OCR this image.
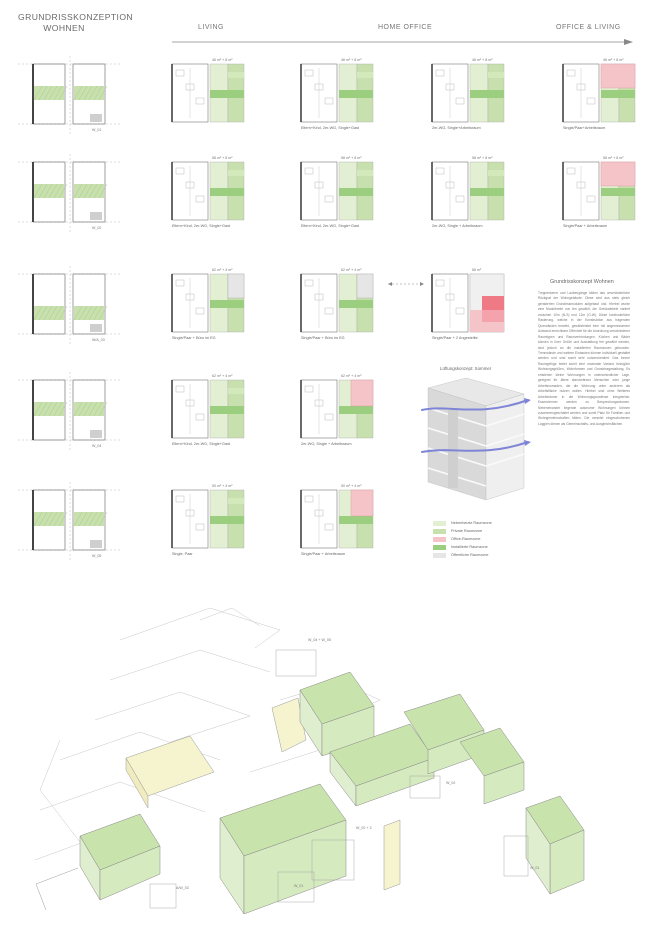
GRUNDRISSKONZEPTION
WOHNEN	LIVING	HOME OFFICE	OFFICE & LIVING
W_01
46 m² + 8 m²	46 m² + 8 m²
Eltern+Kind, 2er-WG, Single+Gast
46 m² + 8 m²
2er-WG, Single+Arbeitsraum
46 m² + 8 m²
Single/Paar+Arbeitsraum
W_02
58 m² + 8 m²
Eltern+Kind, 2er-WG, Single+Gast
58 m² + 8 m²
Eltern+Kind, 2er-WG, Single+Gast
58 m² + 8 m²
2er-WG, Single + Arbeitsraum
58 m² + 8 m²
Single/Paar + Arbeitsraum
W/A_03
62 m² + 4 m²
Single/Paar + Büro im EG
62 m² + 4 m²
Single/Paar + Büro im EG
66 m²
Single/Paar + 2 Angestellte
W_04
62 m² + 4 m²
Eltern+Kind, 2er-WG, Single+Gast
62 m² + 4 m²
2er-WG, Single + Arbeitsraum
W_05
50 m² + 4 m²
Single, Paar
50 m² + 4 m²
Single/Paar + Arbeitsraum
Grundrisskonzept Wohnen
Treppenkerne und Laubengänge bilden das unveränderliche Rückgrat der Wohngebäude. Diese sind aus stets gleich gerasterten Grundrissmodulen aufgebaut und. Hierbei wurde eine Modulbreite von 6m gewählt, die Gebäudetiefe variiert zwischen 10m (N-S) und 12m (O-W). Diese kontinuierliche Rasterung, welche in der Konstruktion aus tragenden Querwänden besteht, gewährleistet eine mit angemessenem Aufwand erreichbare Offenheit für die Anordnung verschiedener Raumtypen und Raumverbindungen. Küchen und Bäder können in ihrer Größe und Ausstattung frei gewählt werden, sind jedoch an die installierten Raumzonen gebunden. Trennwände und weitere Einbauten können individuell gestaltet werden und sind somit sehr nutzerorientiert. Das innere Raumgefüge bietet somit eine maximale Varianz bezüglich Wohnungsgrößen, Wohnformen und Grundrissgestaltung. Es entstehen kleine Wohnungen in unterschiedlicher Lage, geeignet für ältere standorttreue Menschen oder junge Arbeitsnomaden, die die Wohnung unter anderem als Arbeitsfläche nutzen wollen. Hierbei sind ohne Weiteres Arbeitsräume in die Wohnungsgrundrisse integrierbar. Essenzimmer werden zu Besprechungsräumen. Nebeneinander liegende autonome Wohnungen können zusammengeschaltet werden und somit Platz für Familien und Wohngemeinschaften bilden. Die versetzt eingeschobenen Loggien dienen als Gemeinschafts- und Ausgleichsflächen.
Lüftungskonzept: Sommer
Nebenheizte Raumzone
Private Raumzone
Office-Raumzone
Installierte Raumzone
Öffentliche Raumzone
W_04 + W_05
W_02
W_02 + 3
A/W_03	W_01
W_01
